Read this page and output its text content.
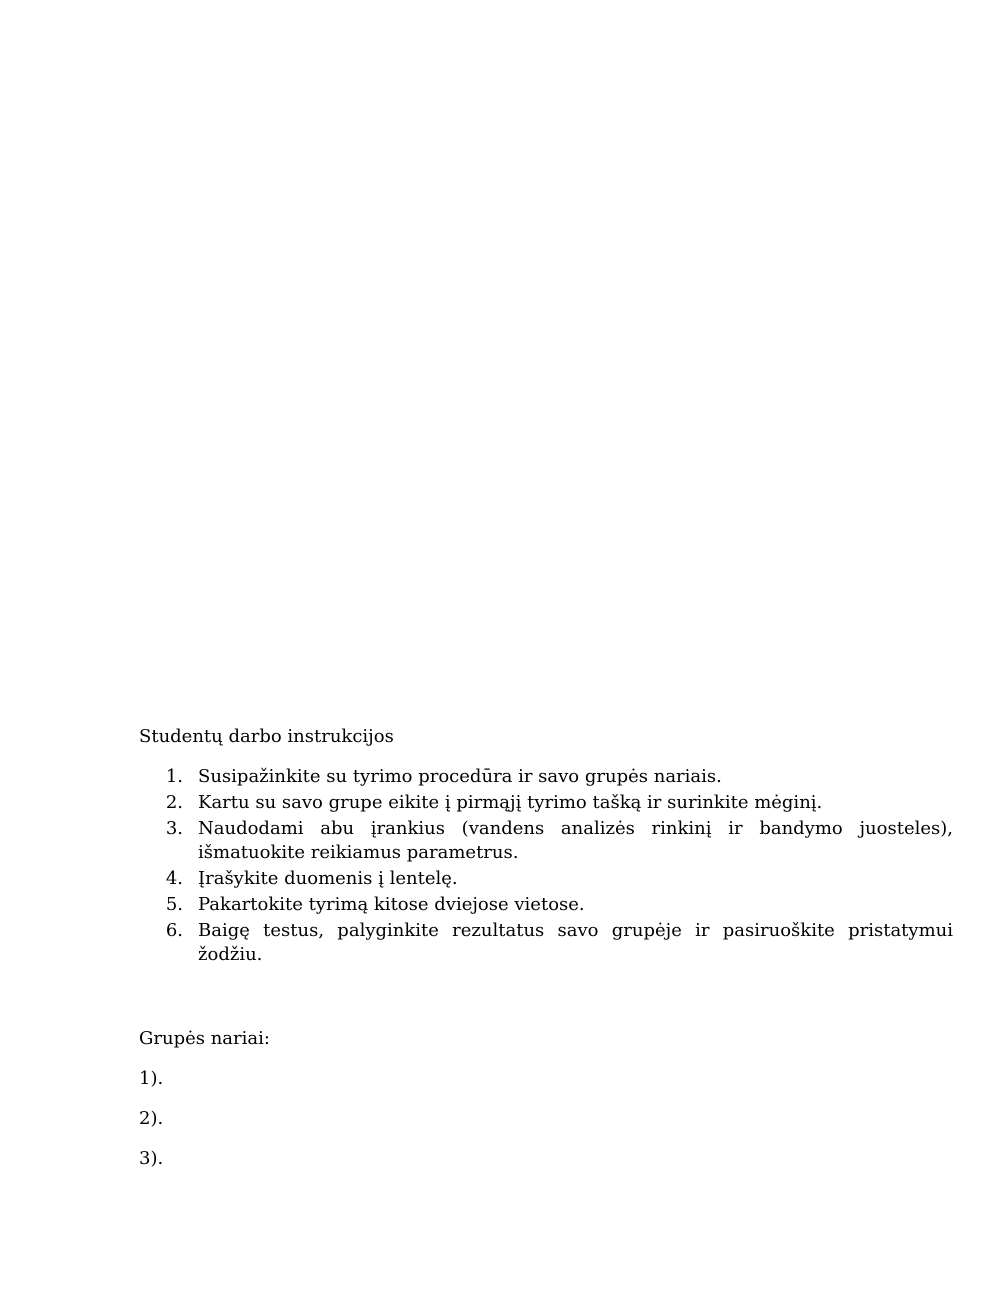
Studentų darbo instrukcijos

1. Susipažinkite su tyrimo procedūra ir savo grupės nariais.
2. Kartu su savo grupe eikite į pirmąjį tyrimo tašką ir surinkite mėginį.
3. Naudodami abu įrankius (vandens analizės rinkinį ir bandymo juosteles), išmatuokite reikiamus parametrus.
4. Įrašykite duomenis į lentelę.
5. Pakartokite tyrimą kitose dviejose vietose.
6. Baigę testus, palyginkite rezultatus savo grupėje ir pasiruoškite pristatymui žodžiu.

Grupės nariai:

1).

2).

3).
